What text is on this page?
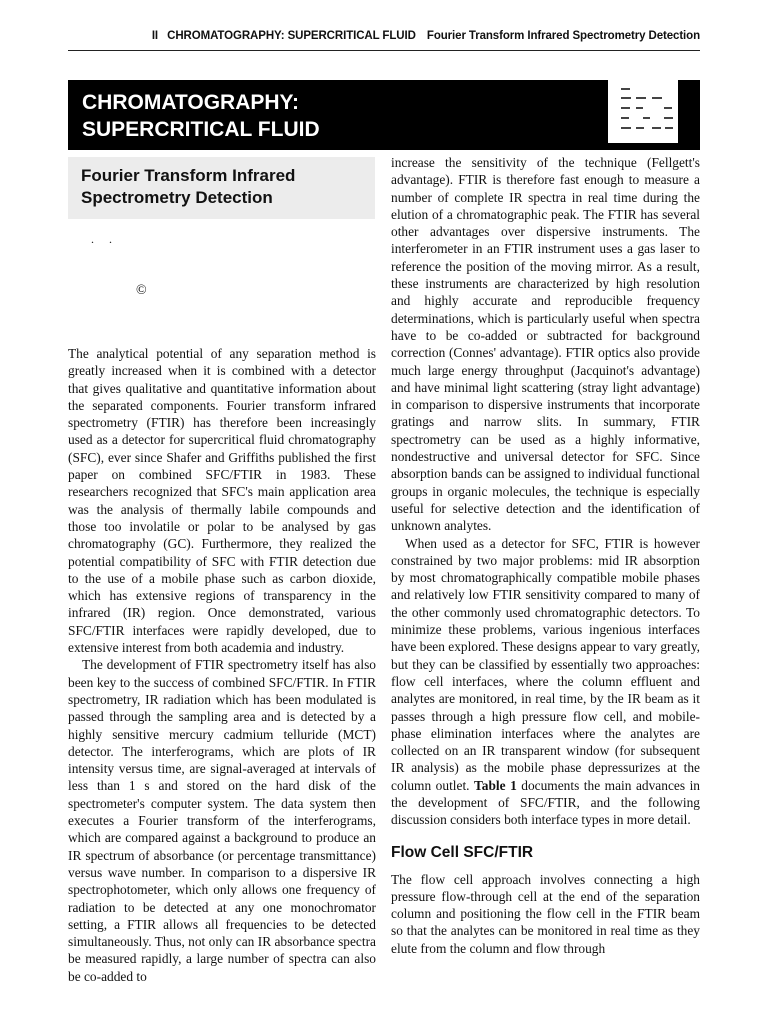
II CHROMATOGRAPHY: SUPERCRITICAL FLUID Fourier Transform Infrared Spectrometry Detection
CHROMATOGRAPHY:
SUPERCRITICAL FLUID
Fourier Transform Infrared
Spectrometry Detection
. .
©

The analytical potential of any separation method is greatly increased when it is combined with a detector that gives qualitative and quantitative information about the separated components. Fourier transform infrared spectrometry (FTIR) has therefore been increasingly used as a detector for supercritical fluid chromatography (SFC), ever since Shafer and Griffiths published the first paper on combined SFC/FTIR in 1983. These researchers recognized that SFC's main application area was the analysis of thermally labile compounds and those too involatile or polar to be analysed by gas chromatography (GC). Furthermore, they realized the potential compatibility of SFC with FTIR detection due to the use of a mobile phase such as carbon dioxide, which has extensive regions of transparency in the infrared (IR) region. Once demonstrated, various SFC/FTIR interfaces were rapidly developed, due to extensive interest from both academia and industry.

The development of FTIR spectrometry itself has also been key to the success of combined SFC/FTIR. In FTIR spectrometry, IR radiation which has been modulated is passed through the sampling area and is detected by a highly sensitive mercury cadmium telluride (MCT) detector. The interferograms, which are plots of IR intensity versus time, are signal-averaged at intervals of less than 1 s and stored on the hard disk of the spectrometer's computer system. The data system then executes a Fourier transform of the interferograms, which are compared against a background to produce an IR spectrum of absorbance (or percentage transmittance) versus wave number. In comparison to a dispersive IR spectrophotometer, which only allows one frequency of radiation to be detected at any one monochromator setting, a FTIR allows all frequencies to be detected simultaneously. Thus, not only can IR absorbance spectra be measured rapidly, a large number of spectra can also be co-added to

increase the sensitivity of the technique (Fellgett's advantage). FTIR is therefore fast enough to measure a number of complete IR spectra in real time during the elution of a chromatographic peak. The FTIR has several other advantages over dispersive instruments. The interferometer in an FTIR instrument uses a gas laser to reference the position of the moving mirror. As a result, these instruments are characterized by high resolution and highly accurate and reproducible frequency determinations, which is particularly useful when spectra have to be co-added or subtracted for background correction (Connes' advantage). FTIR optics also provide much large energy throughput (Jacquinot's advantage) and have minimal light scattering (stray light advantage) in comparison to dispersive instruments that incorporate gratings and narrow slits. In summary, FTIR spectrometry can be used as a highly informative, nondestructive and universal detector for SFC. Since absorption bands can be assigned to individual functional groups in organic molecules, the technique is especially useful for selective detection and the identification of unknown analytes.

When used as a detector for SFC, FTIR is however constrained by two major problems: mid IR absorption by most chromatographically compatible mobile phases and relatively low FTIR sensitivity compared to many of the other commonly used chromatographic detectors. To minimize these problems, various ingenious interfaces have been explored. These designs appear to vary greatly, but they can be classified by essentially two approaches: flow cell interfaces, where the column effluent and analytes are monitored, in real time, by the IR beam as it passes through a high pressure flow cell, and mobile-phase elimination interfaces where the analytes are collected on an IR transparent window (for subsequent IR analysis) as the mobile phase depressurizes at the column outlet. Table 1 documents the main advances in the development of SFC/FTIR, and the following discussion considers both interface types in more detail.

Flow Cell SFC/FTIR

The flow cell approach involves connecting a high pressure flow-through cell at the end of the separation column and positioning the flow cell in the FTIR beam so that the analytes can be monitored in real time as they elute from the column and flow through
